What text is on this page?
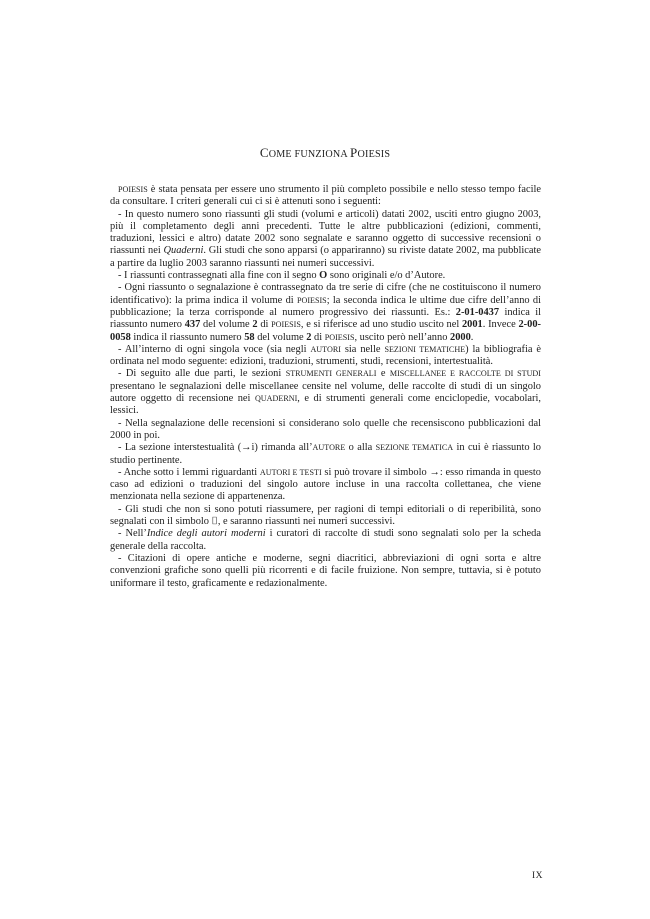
COME FUNZIONA POIESIS

POIESIS è stata pensata per essere uno strumento il più completo possibile e nello stesso tempo facile da consultare. I criteri generali cui ci si è attenuti sono i seguenti:

- In questo numero sono riassunti gli studi (volumi e articoli) datati 2002, usciti entro giugno 2003, più il completamento degli anni precedenti. Tutte le altre pubblicazioni (edizioni, commenti, traduzioni, lessici e altro) datate 2002 sono segnalate e saranno oggetto di successive recensioni o riassunti nei Quaderni. Gli studi che sono apparsi (o appariranno) su riviste datate 2002, ma pubblicate a partire da luglio 2003 saranno riassunti nei numeri successivi.

- I riassunti contrassegnati alla fine con il segno O sono originali e/o d’Autore.

- Ogni riassunto o segnalazione è contrassegnato da tre serie di cifre (che ne costituiscono il numero identificativo): la prima indica il volume di POIESIS; la seconda indica le ultime due cifre dell’anno di pubblicazione; la terza corrisponde al numero progressivo dei riassunti. Es.: 2-01-0437 indica il riassunto numero 437 del volume 2 di POIESIS, e si riferisce ad uno studio uscito nel 2001. Invece 2-00-0058 indica il riassunto numero 58 del volume 2 di POIESIS, uscito però nell’anno 2000.

- All’interno di ogni singola voce (sia negli AUTORI sia nelle SEZIONI TEMATICHE) la bibliografia è ordinata nel modo seguente: edizioni, traduzioni, strumenti, studi, recensioni, intertestualità.

- Di seguito alle due parti, le sezioni STRUMENTI GENERALI e MISCELLANEE E RACCOLTE DI STUDI presentano le segnalazioni delle miscellanee censite nel volume, delle raccolte di studi di un singolo autore oggetto di recensione nei QUADERNI, e di strumenti generali come enciclopedie, vocabolari, lessici.

- Nella segnalazione delle recensioni si considerano solo quelle che recensiscono pubblicazioni dal 2000 in poi.

- La sezione interstestualità (→i) rimanda all’AUTORE o alla SEZIONE TEMATICA in cui è riassunto lo studio pertinente.

- Anche sotto i lemmi riguardanti AUTORI E TESTI si può trovare il simbolo →: esso rimanda in questo caso ad edizioni o traduzioni del singolo autore incluse in una raccolta collettanea, che viene menzionata nella sezione di appartenenza.

- Gli studi che non si sono potuti riassumere, per ragioni di tempi editoriali o di reperibilità, sono segnalati con il simbolo ⌷, e saranno riassunti nei numeri successivi.

- Nell’Indice degli autori moderni i curatori di raccolte di studi sono segnalati solo per la scheda generale della raccolta.

- Citazioni di opere antiche e moderne, segni diacritici, abbreviazioni di ogni sorta e altre convenzioni grafiche sono quelli più ricorrenti e di facile fruizione. Non sempre, tuttavia, si è potuto uniformare il testo, graficamente e redazionalmente.

IX
